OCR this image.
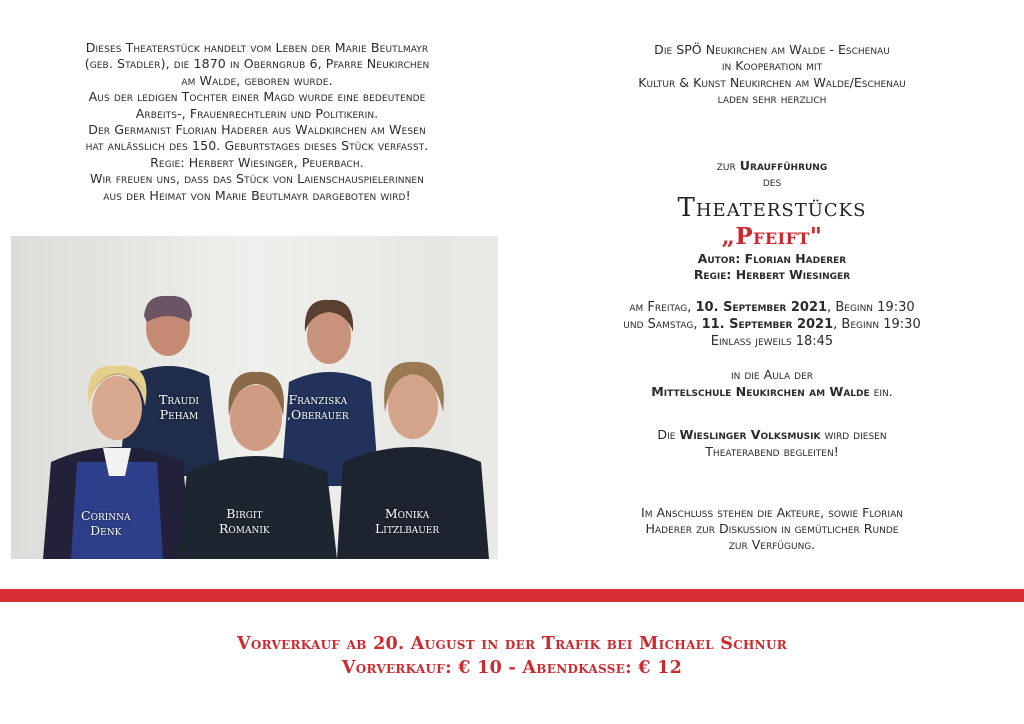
Dieses Theaterstück handelt vom Leben der Marie Beutlmayr
(geb. Stadler), die 1870 in Oberngrub 6, Pfarre Neukirchen
am Walde, geboren wurde.
Aus der ledigen Tochter einer Magd wurde eine bedeutende
Arbeits-, Frauenrechtlerin und Politikerin.
Der Germanist Florian Haderer aus Waldkirchen am Wesen
hat anlässlich des 150. Geburtstages dieses Stück verfasst.
Regie: Herbert Wiesinger, Peuerbach.
Wir freuen uns, dass das Stück von Laienschauspielerinnen
aus der Heimat von Marie Beutlmayr dargeboten wird!
Traudi
Peham
Franziska
,Oberauer
Corinna
Denk
Birgit
Romanik
Monika
Litzlbauer
Die SPÖ Neukirchen am Walde - Eschenau
in Kooperation mit
Kultur & Kunst Neukirchen am Walde/Eschenau
laden sehr herzlich
zur Uraufführung
des
Theaterstücks
„Pfeift"
Autor: Florian Haderer
Regie: Herbert Wiesinger
am Freitag, 10. September 2021, Beginn 19:30
und Samstag, 11. September 2021, Beginn 19:30
Einlass jeweils 18:45
in die Aula der
Mittelschule Neukirchen am Walde ein.
Die Wieslinger Volksmusik wird diesen
Theaterabend begleiten!
Im Anschluss stehen die Akteure, sowie Florian
Haderer zur Diskussion in gemütlicher Runde
zur Verfügung.
Vorverkauf ab 20. August in der Trafik bei Michael Schnur
Vorverkauf: € 10 - Abendkasse: € 12
